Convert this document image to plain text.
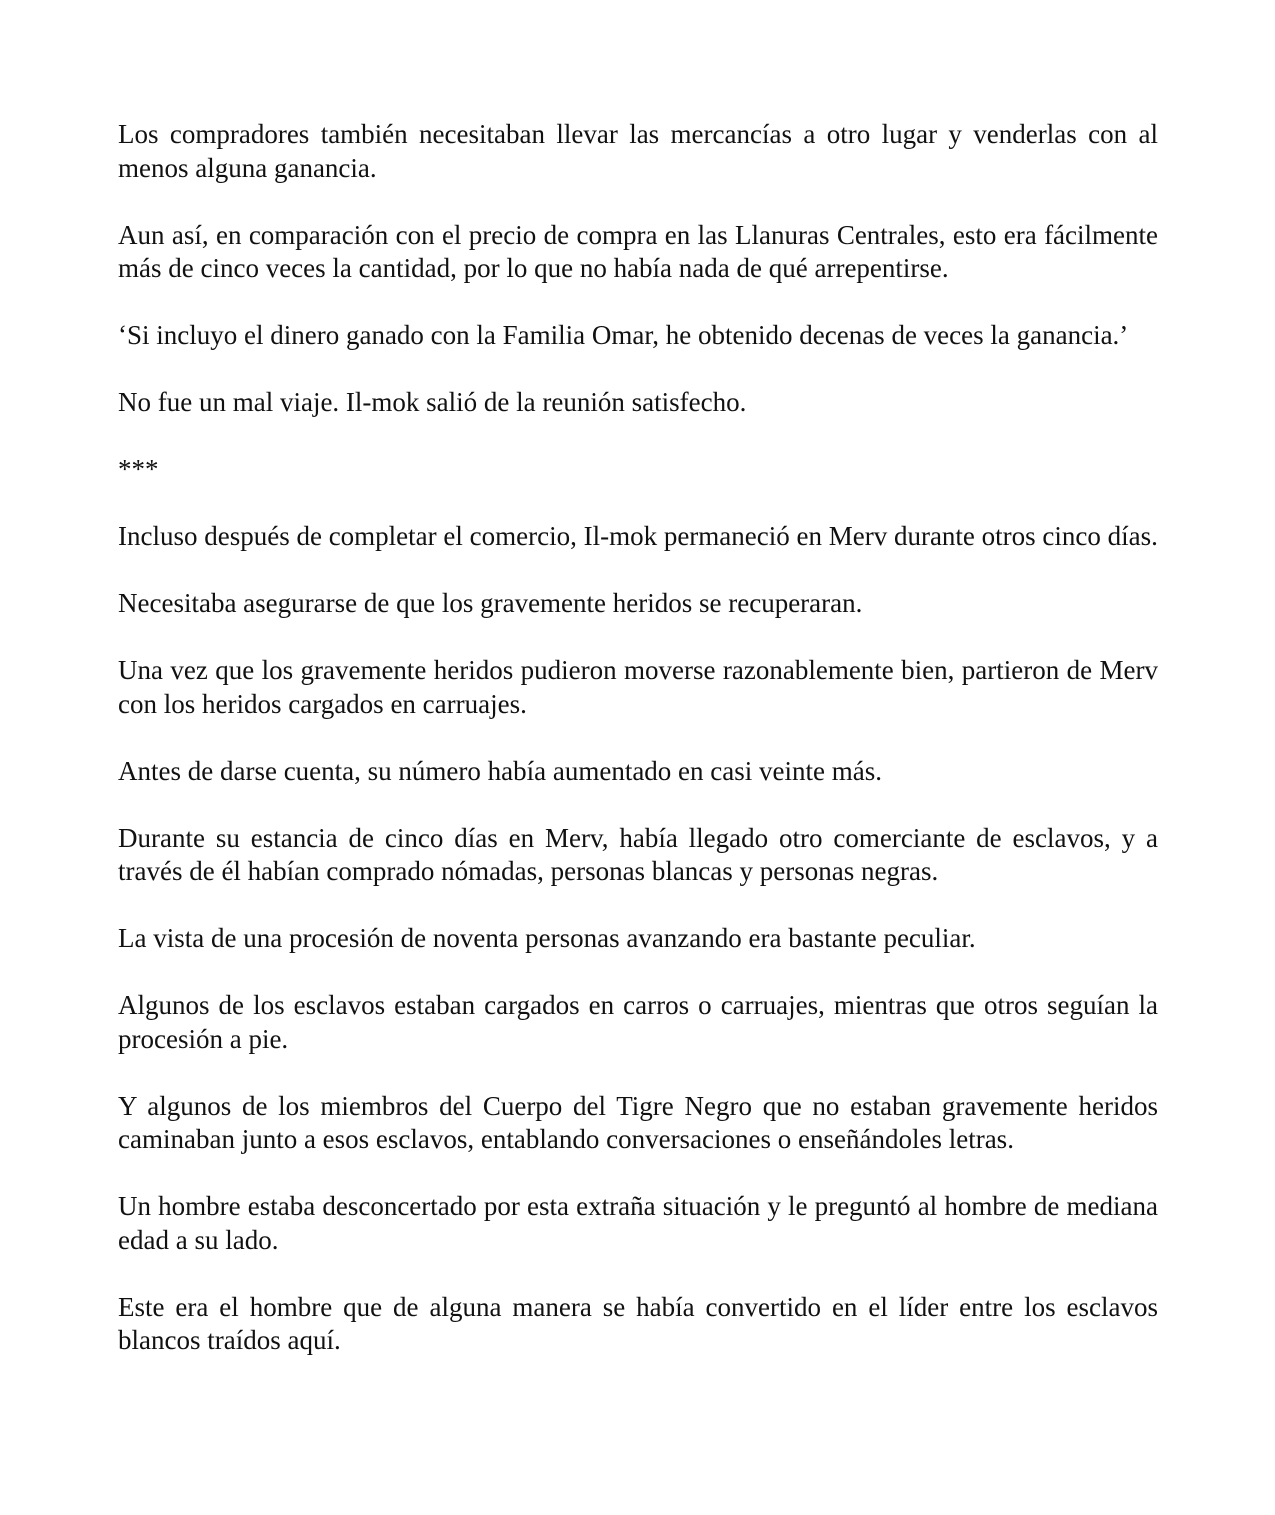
Los compradores también necesitaban llevar las mercancías a otro lugar y venderlas con al menos alguna ganancia.

Aun así, en comparación con el precio de compra en las Llanuras Centrales, esto era fácilmente más de cinco veces la cantidad, por lo que no había nada de qué arrepentirse.

‘Si incluyo el dinero ganado con la Familia Omar, he obtenido decenas de veces la ganancia.’

No fue un mal viaje. Il-mok salió de la reunión satisfecho.

***

Incluso después de completar el comercio, Il-mok permaneció en Merv durante otros cinco días.

Necesitaba asegurarse de que los gravemente heridos se recuperaran.

Una vez que los gravemente heridos pudieron moverse razonablemente bien, partieron de Merv con los heridos cargados en carruajes.

Antes de darse cuenta, su número había aumentado en casi veinte más.

Durante su estancia de cinco días en Merv, había llegado otro comerciante de esclavos, y a través de él habían comprado nómadas, personas blancas y personas negras.

La vista de una procesión de noventa personas avanzando era bastante peculiar.

Algunos de los esclavos estaban cargados en carros o carruajes, mientras que otros seguían la procesión a pie.

Y algunos de los miembros del Cuerpo del Tigre Negro que no estaban gravemente heridos caminaban junto a esos esclavos, entablando conversaciones o enseñándoles letras.

Un hombre estaba desconcertado por esta extraña situación y le preguntó al hombre de mediana edad a su lado.

Este era el hombre que de alguna manera se había convertido en el líder entre los esclavos blancos traídos aquí.
